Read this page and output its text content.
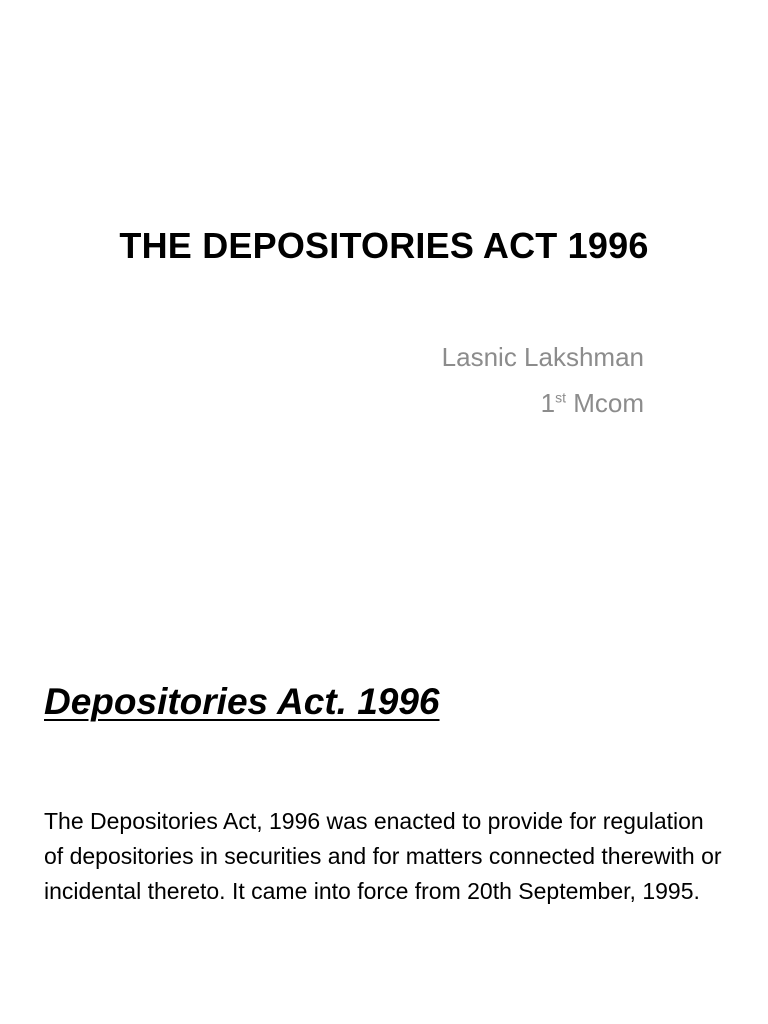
THE DEPOSITORIES ACT 1996
Lasnic Lakshman
1st Mcom
Depositories Act. 1996

The Depositories Act, 1996 was enacted to provide for regulation of depositories in securities and for matters connected therewith or incidental thereto. It came into force from 20th September, 1995.
